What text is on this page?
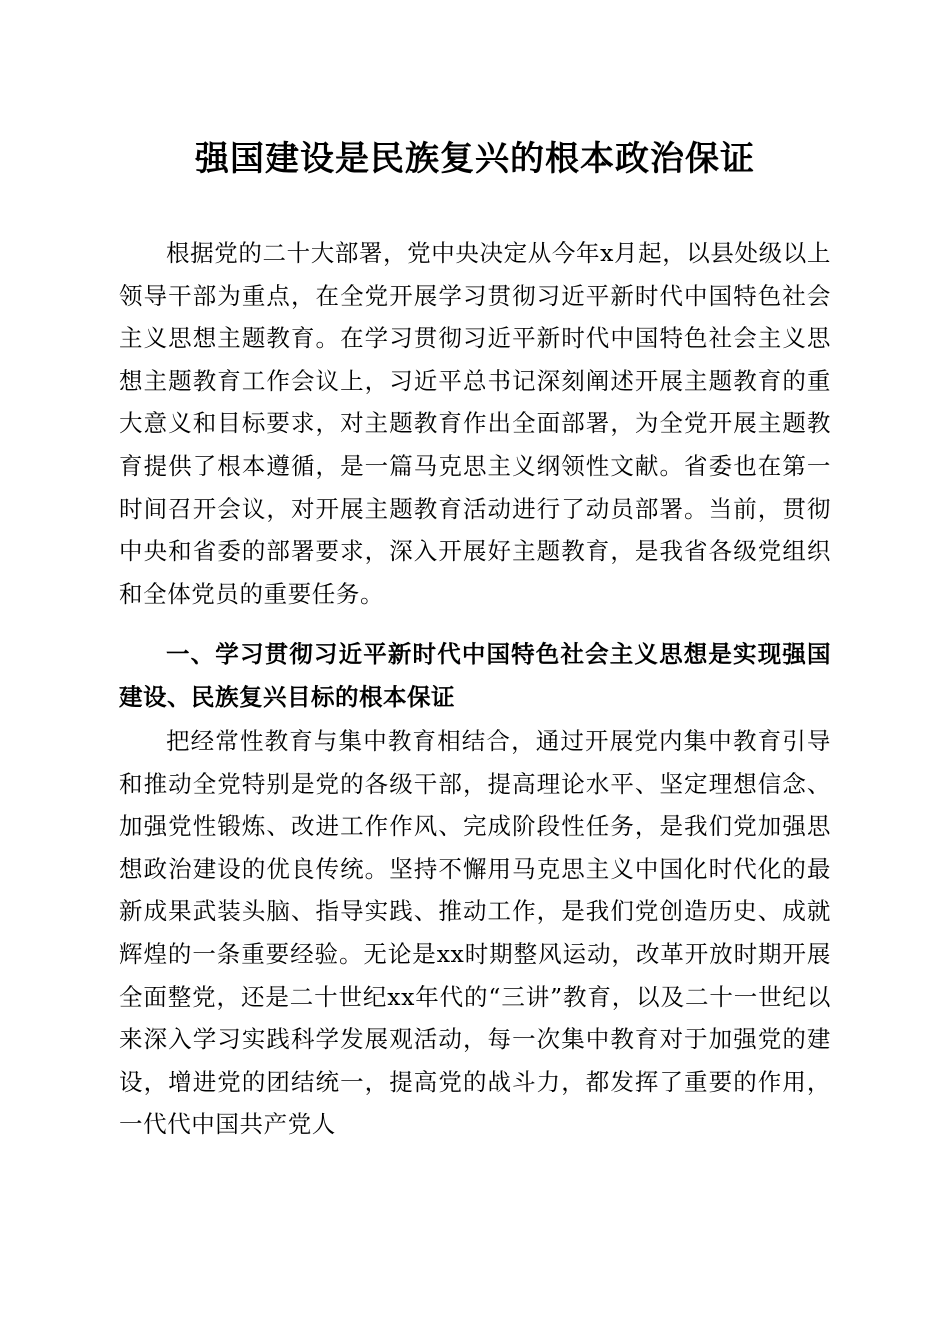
强国建设是民族复兴的根本政治保证

根据党的二十大部署，党中央决定从今年x月起，以县处级以上领导干部为重点，在全党开展学习贯彻习近平新时代中国特色社会主义思想主题教育。在学习贯彻习近平新时代中国特色社会主义思想主题教育工作会议上，习近平总书记深刻阐述开展主题教育的重大意义和目标要求，对主题教育作出全面部署，为全党开展主题教育提供了根本遵循，是一篇马克思主义纲领性文献。省委也在第一时间召开会议，对开展主题教育活动进行了动员部署。当前，贯彻中央和省委的部署要求，深入开展好主题教育，是我省各级党组织和全体党员的重要任务。

一、学习贯彻习近平新时代中国特色社会主义思想是实现强国建设、民族复兴目标的根本保证

把经常性教育与集中教育相结合，通过开展党内集中教育引导和推动全党特别是党的各级干部，提高理论水平、坚定理想信念、加强党性锻炼、改进工作作风、完成阶段性任务，是我们党加强思想政治建设的优良传统。坚持不懈用马克思主义中国化时代化的最新成果武装头脑、指导实践、推动工作，是我们党创造历史、成就辉煌的一条重要经验。无论是xx时期整风运动，改革开放时期开展全面整党，还是二十世纪xx年代的“三讲”教育，以及二十一世纪以来深入学习实践科学发展观活动，每一次集中教育对于加强党的建设，增进党的团结统一，提高党的战斗力，都发挥了重要的作用，一代代中国共产党人
